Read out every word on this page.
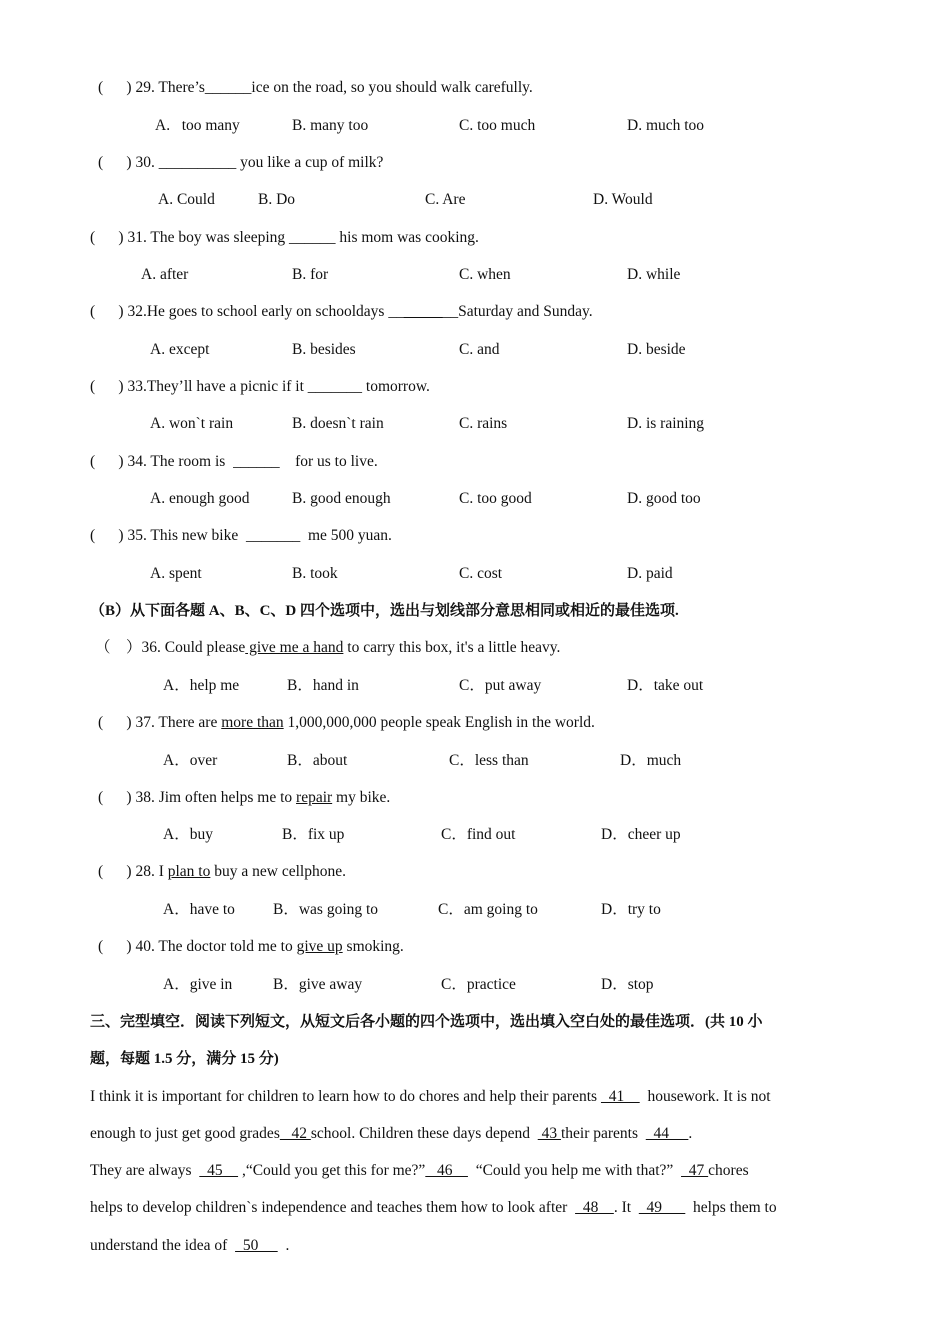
(      ) 29. There’s______ice on the road, so you should walk carefully.
A.   too many	B. many too	C. too much	D. much too
(      ) 30. __________ you like a cup of milk?
A. Could	B. Do	C. Are	D. Would
(      ) 31. The boy was sleeping ______ his mom was cooking.
A. after	B. for	C. when	D. while
(      ) 32.He goes to school early on schooldays _________Saturday and Sunday.
A. except	B. besides	C. and	D. beside
(      ) 33.They’ll have a picnic if it _______ tomorrow.
A. won`t rain	B. doesn`t rain	C. rains	D. is raining
(      ) 34. The room is  ______    for us to live.
A. enough good	B. good enough	C. too good	D. good too
(      ) 35. This new bike  _______  me 500 yuan.
A. spent	B. took	C. cost	D. paid
（B）从下面各题 A、B、C、D 四个选项中，选出与划线部分意思相同或相近的最佳选项.
（    ）36. Could please give me a hand to carry this box, it's a little heavy.
A．help me	B．hand in	C．put away	D．take out
(      ) 37. There are more than 1,000,000,000 people speak English in the world.
A．over	B．about	C．less than	D．much
(      ) 38. Jim often helps me to repair my bike.
A．buy	B．fix up	C．find out	D．cheer up
(      ) 28. I plan to buy a new cellphone.
A．have to B．was going to	C．am going to	D．try to
(      ) 40. The doctor told me to give up smoking.
A．give in	B．give away	C．practice	D．stop
三、完型填空．阅读下列短文，从短文后各小题的四个选项中，选出填入空白处的最佳选项．(共 10 小
题，每题 1.5 分，满分 15 分)
I think it is important for children to learn how to do chores and help their parents   41      housework. It is not
enough to just get good grades   42 school. Children these days depend   43 their parents    44     .
They are always    45     ,“Could you get this for me?”   46      “Could you help me with that?”    47 chores
helps to develop children`s independence and teaches them how to look after    48    . It    49        helps them to
understand the idea of    50       .
